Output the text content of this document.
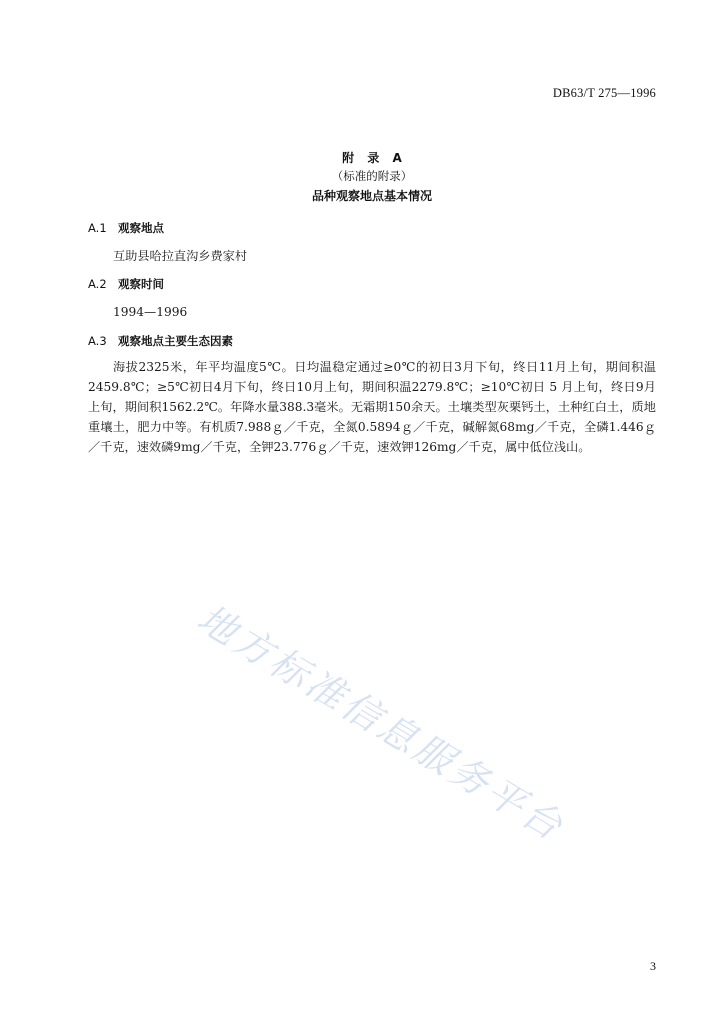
DB63/T 275—1996
附 录 A
（标准的附录）
品种观察地点基本情况
A.1 观察地点
互助县哈拉直沟乡费家村
A.2 观察时间
1994—1996
A.3 观察地点主要生态因素
海拔2325米，年平均温度5℃。日均温稳定通过≥0℃的初日3月下旬，终日11月上旬，期间积温2459.8℃；≥5℃初日4月下旬，终日10月上旬，期间积温2279.8℃；≥10℃初日 5 月上旬，终日9月上旬，期间积1562.2℃。年降水量388.3毫米。无霜期150余天。土壤类型灰栗钙土，土种红白土，质地重壤土，肥力中等。有机质7.988ｇ／千克，全氮0.5894ｇ／千克，碱解氮68mg／千克，全磷1.446ｇ／千克，速效磷9mg／千克，全钾23.776ｇ／千克，速效钾126mg／千克，属中低位浅山。
地方标准信息服务平台
3
